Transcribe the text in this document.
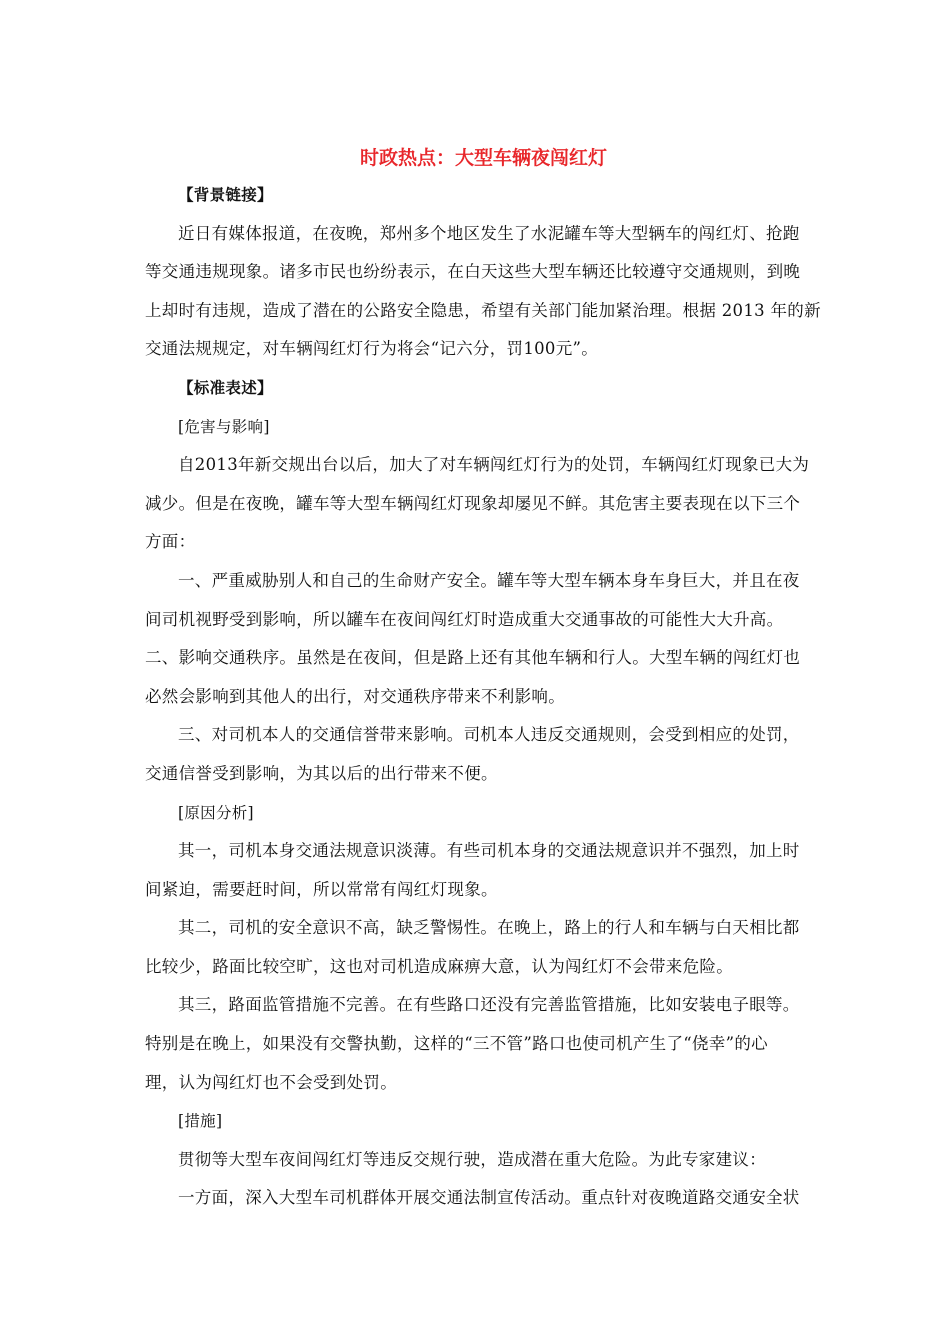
时政热点：大型车辆夜闯红灯
【背景链接】
近日有媒体报道，在夜晚，郑州多个地区发生了水泥罐车等大型辆车的闯红灯、抢跑
等交通违规现象。诸多市民也纷纷表示，在白天这些大型车辆还比较遵守交通规则，到晚
上却时有违规，造成了潜在的公路安全隐患，希望有关部门能加紧治理。根据 2013 年的新
交通法规规定，对车辆闯红灯行为将会“记六分，罚100元”。
【标准表述】
[危害与影响]
自2013年新交规出台以后，加大了对车辆闯红灯行为的处罚，车辆闯红灯现象已大为
减少。但是在夜晚，罐车等大型车辆闯红灯现象却屡见不鲜。其危害主要表现在以下三个
方面：
一、严重威胁别人和自己的生命财产安全。罐车等大型车辆本身车身巨大，并且在夜
间司机视野受到影响，所以罐车在夜间闯红灯时造成重大交通事故的可能性大大升高。
二、影响交通秩序。虽然是在夜间，但是路上还有其他车辆和行人。大型车辆的闯红灯也
必然会影响到其他人的出行，对交通秩序带来不利影响。
三、对司机本人的交通信誉带来影响。司机本人违反交通规则，会受到相应的处罚，
交通信誉受到影响，为其以后的出行带来不便。
[原因分析]
其一，司机本身交通法规意识淡薄。有些司机本身的交通法规意识并不强烈，加上时
间紧迫，需要赶时间，所以常常有闯红灯现象。
其二，司机的安全意识不高，缺乏警惕性。在晚上，路上的行人和车辆与白天相比都
比较少，路面比较空旷，这也对司机造成麻痹大意，认为闯红灯不会带来危险。
其三，路面监管措施不完善。在有些路口还没有完善监管措施，比如安装电子眼等。
特别是在晚上，如果没有交警执勤，这样的“三不管”路口也使司机产生了“侥幸”的心
理，认为闯红灯也不会受到处罚。
[措施]
贯彻等大型车夜间闯红灯等违反交规行驶，造成潜在重大危险。为此专家建议：
一方面，深入大型车司机群体开展交通法制宣传活动。重点针对夜晚道路交通安全状
